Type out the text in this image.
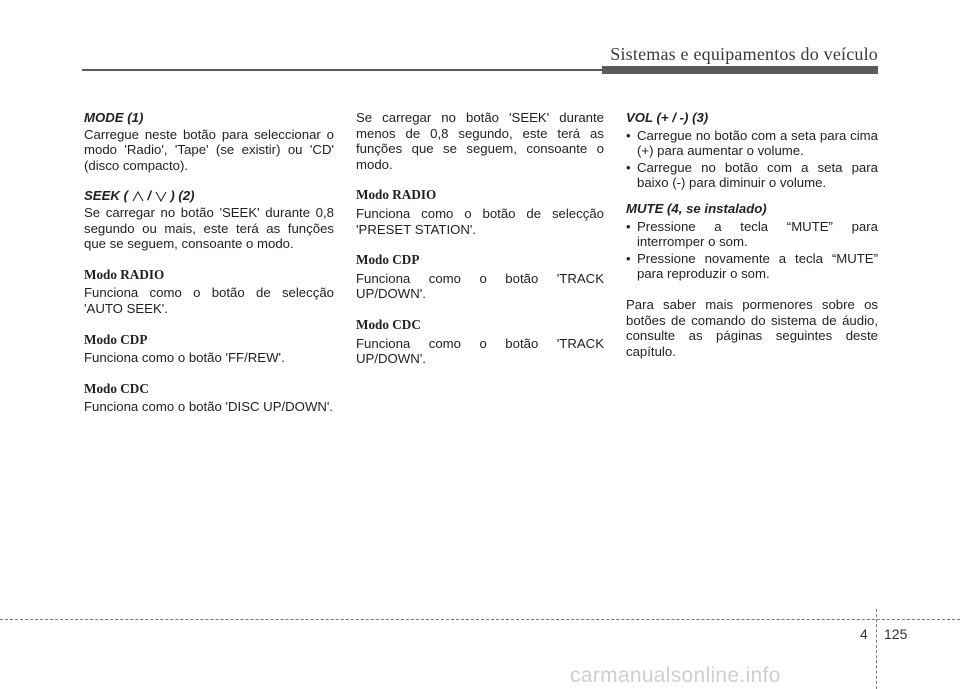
Sistemas e equipamentos do veículo
MODE (1)

Carregue neste botão para seleccionar o modo 'Radio', 'Tape' (se existir) ou 'CD' (disco compacto).

SEEK ( / ) (2)

Se carregar no botão 'SEEK' durante 0,8 segundo ou mais, este terá as funções que se seguem, consoante o modo.

Modo RADIO

Funciona como o botão de selecção 'AUTO SEEK'.

Modo CDP

Funciona como o botão 'FF/REW'.

Modo CDC

Funciona como o botão 'DISC UP/DOWN'.

Se carregar no botão 'SEEK' durante menos de 0,8 segundo, este terá as funções que se seguem, consoante o modo.

Modo RADIO

Funciona como o botão de selecção 'PRESET STATION'.

Modo CDP

Funciona como o botão 'TRACK UP/DOWN'.

Modo CDC

Funciona como o botão 'TRACK UP/DOWN'.

VOL (+ / -) (3)
• Carregue no botão com a seta para cima (+) para aumentar o volume.
• Carregue no botão com a seta para baixo (-) para diminuir o volume.
MUTE (4, se instalado)
• Pressione a tecla “MUTE” para interromper o som.
• Pressione novamente a tecla “MUTE” para reproduzir o som.

Para saber mais pormenores sobre os botões de comando do sistema de áudio, consulte as páginas seguintes deste capítulo.

4 125
carmanualsonline.info
